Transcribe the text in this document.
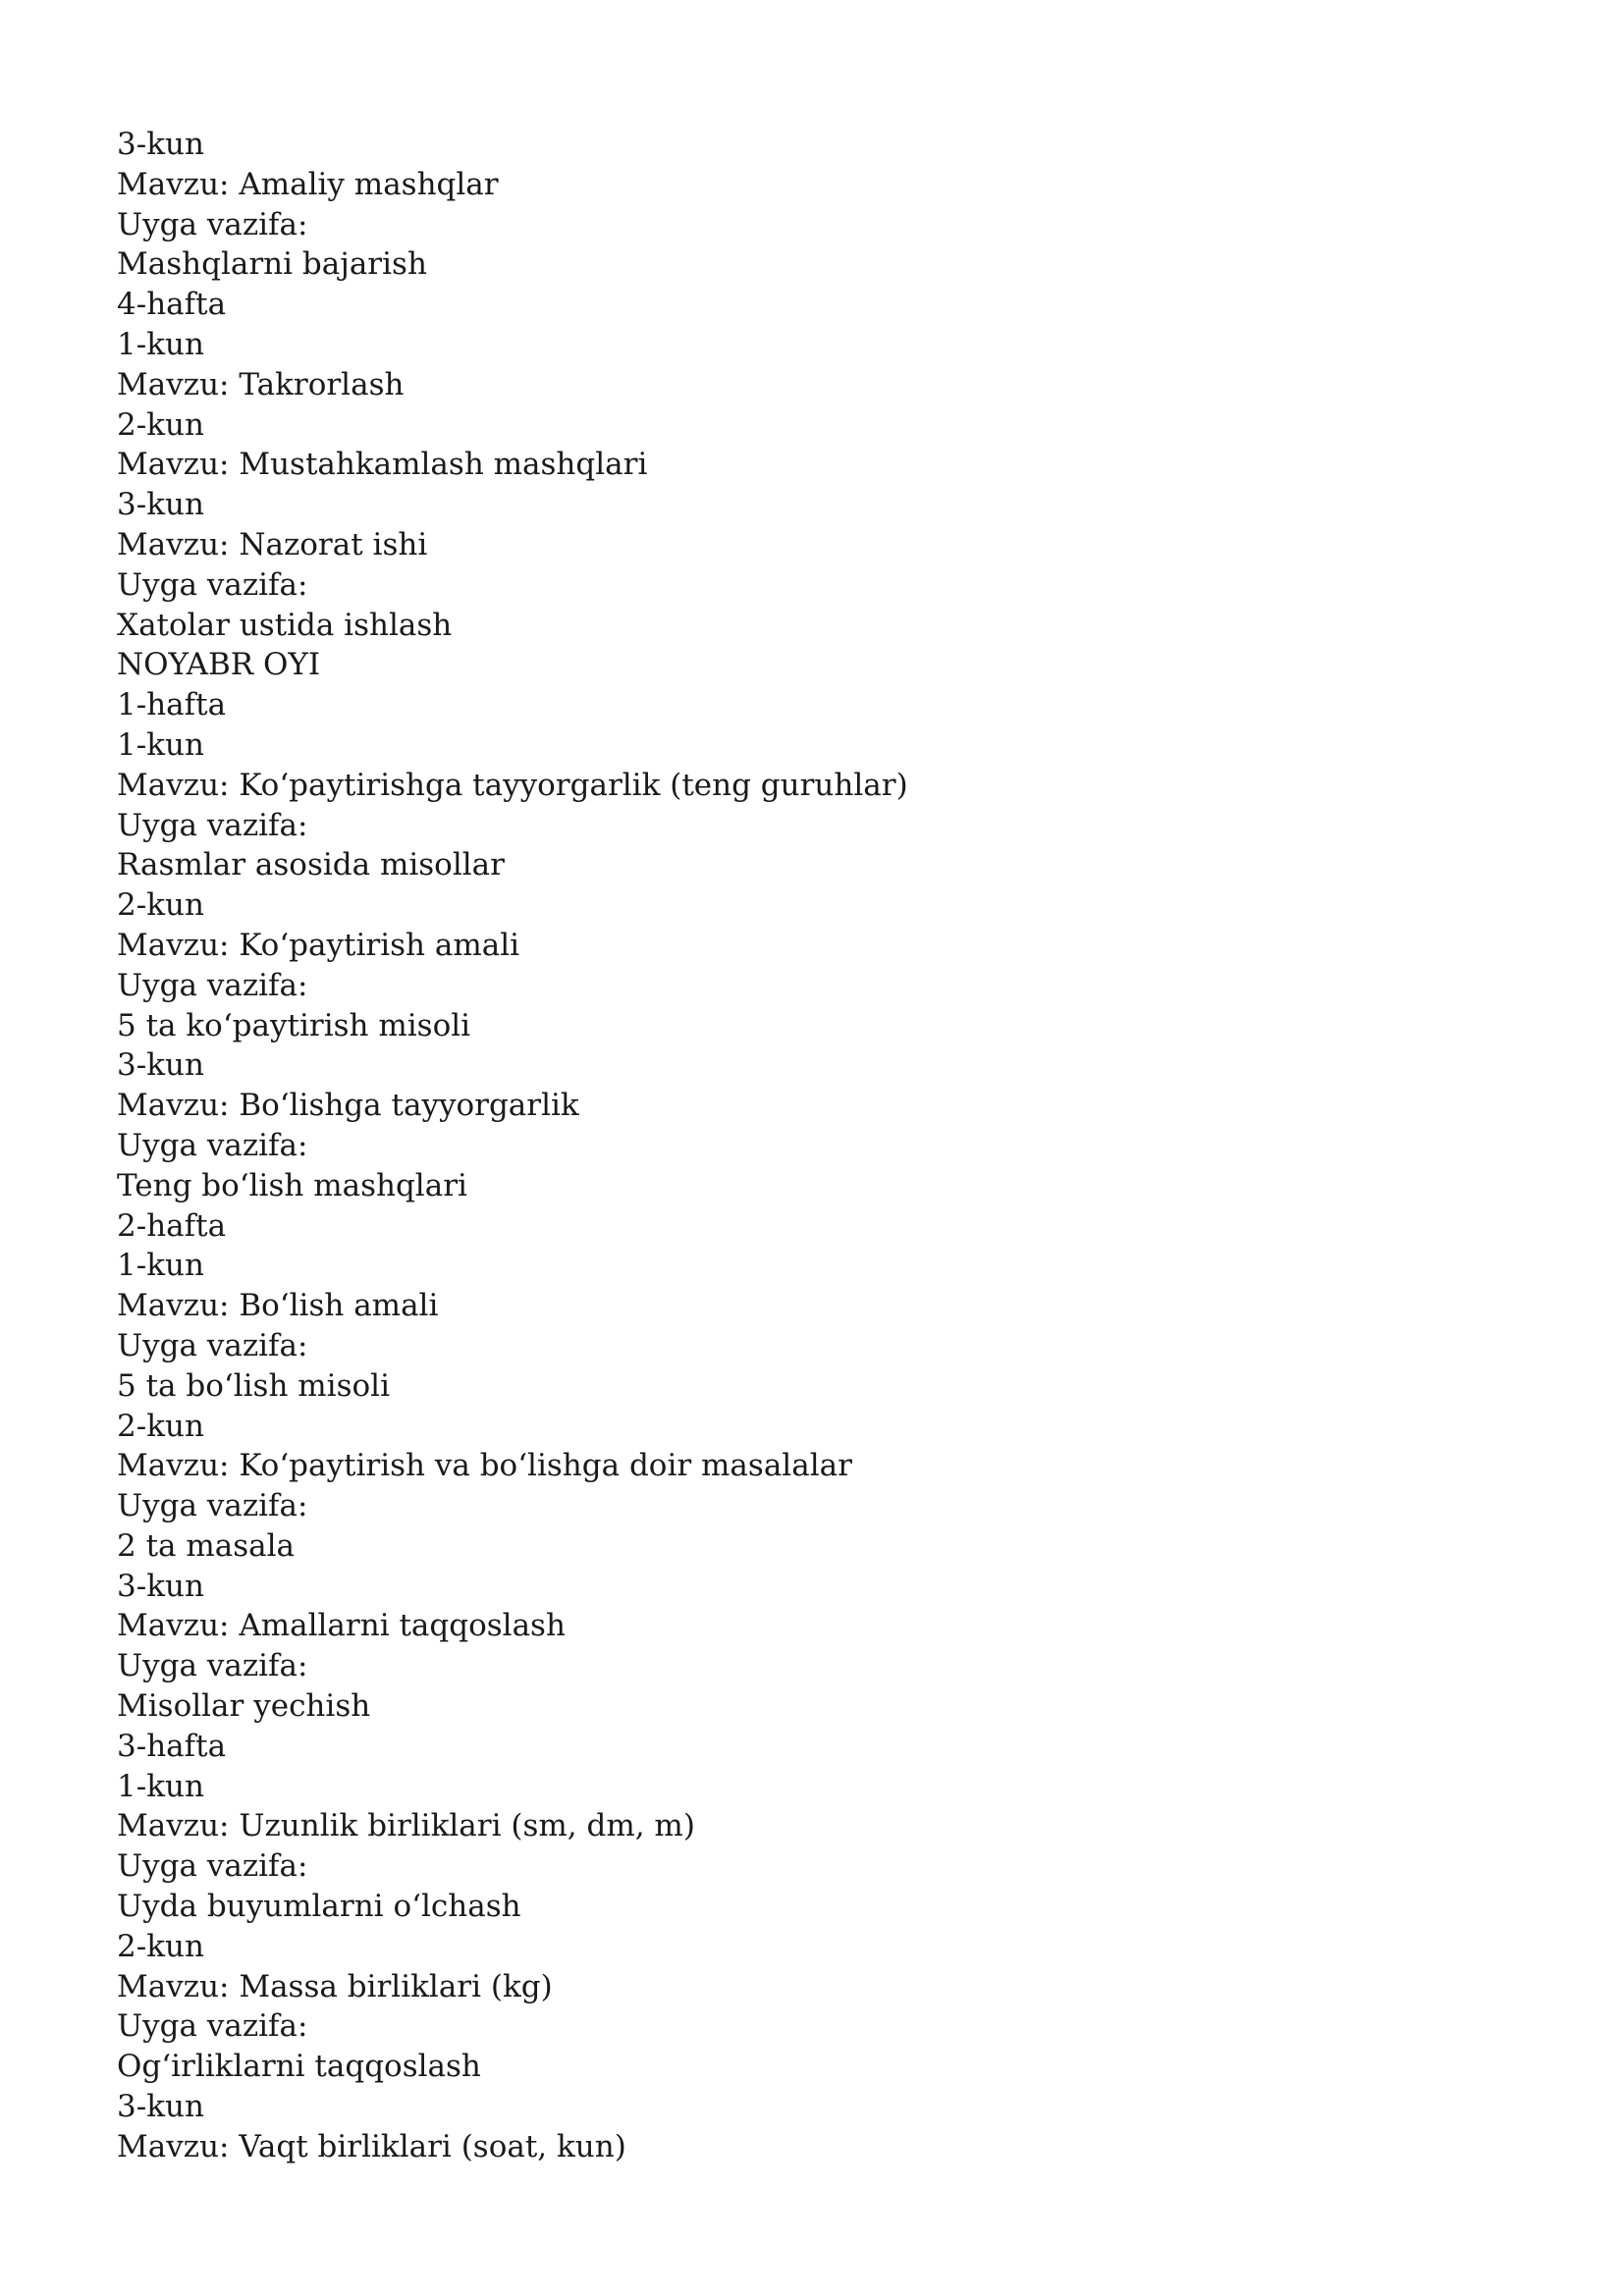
3-kun

Mavzu: Amaliy mashqlar

Uyga vazifa:

Mashqlarni bajarish

4-hafta

1-kun

Mavzu: Takrorlash

2-kun

Mavzu: Mustahkamlash mashqlari

3-kun

Mavzu: Nazorat ishi

Uyga vazifa:

Xatolar ustida ishlash

NOYABR OYI

1-hafta

1-kun

Mavzu: Koʻpaytirishga tayyorgarlik (teng guruhlar)

Uyga vazifa:

Rasmlar asosida misollar

2-kun

Mavzu: Koʻpaytirish amali

Uyga vazifa:

5 ta koʻpaytirish misoli

3-kun

Mavzu: Boʻlishga tayyorgarlik

Uyga vazifa:

Teng boʻlish mashqlari

2-hafta

1-kun

Mavzu: Boʻlish amali

Uyga vazifa:

5 ta boʻlish misoli

2-kun

Mavzu: Koʻpaytirish va boʻlishga doir masalalar

Uyga vazifa:

2 ta masala

3-kun

Mavzu: Amallarni taqqoslash

Uyga vazifa:

Misollar yechish

3-hafta

1-kun

Mavzu: Uzunlik birliklari (sm, dm, m)

Uyga vazifa:

Uyda buyumlarni oʻlchash

2-kun

Mavzu: Massa birliklari (kg)

Uyga vazifa:

Ogʻirliklarni taqqoslash

3-kun

Mavzu: Vaqt birliklari (soat, kun)
